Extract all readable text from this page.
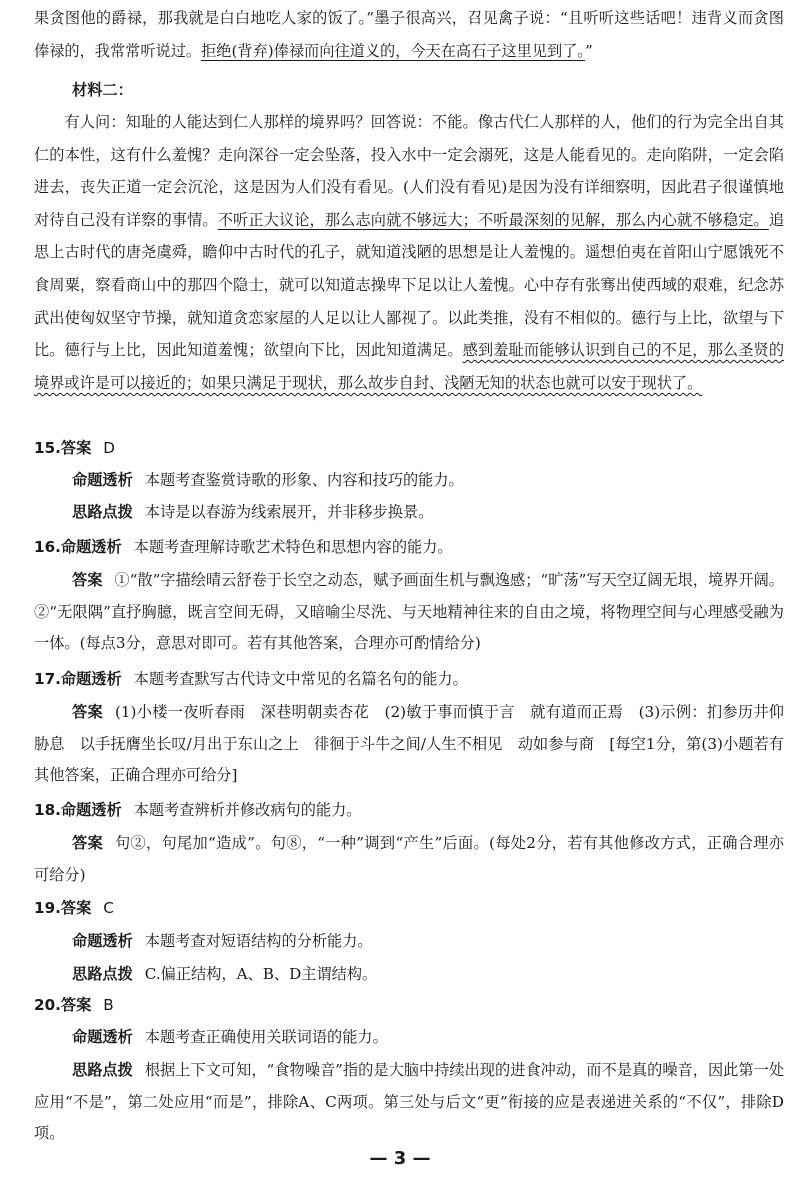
果贪图他的爵禄，那我就是白白地吃人家的饭了。”墨子很高兴，召见禽子说：“且听听这些话吧！违背义而贪图俸禄的，我常常听说过。拒绝(背弃)俸禄而向往道义的，今天在高石子这里见到了。”

材料二：

有人问：知耻的人能达到仁人那样的境界吗？回答说：不能。像古代仁人那样的人，他们的行为完全出自其仁的本性，这有什么羞愧？走向深谷一定会坠落，投入水中一定会溺死，这是人能看见的。走向陷阱，一定会陷进去，丧失正道一定会沉沦，这是因为人们没有看见。(人们没有看见)是因为没有详细察明，因此君子很谨慎地对待自己没有详察的事情。不听正大议论，那么志向就不够远大；不听最深刻的见解，那么内心就不够稳定。追思上古时代的唐尧虞舜，瞻仰中古时代的孔子，就知道浅陋的思想是让人羞愧的。遥想伯夷在首阳山宁愿饿死不食周粟，察看商山中的那四个隐士，就可以知道志操卑下足以让人羞愧。心中存有张骞出使西域的艰难，纪念苏武出使匈奴坚守节操，就知道贪恋家屋的人足以让人鄙视了。以此类推，没有不相似的。德行与上比，欲望与下比。德行与上比，因此知道羞愧；欲望向下比，因此知道满足。感到羞耻而能够认识到自己的不足，那么圣贤的境界或许是可以接近的；如果只满足于现状，那么故步自封、浅陋无知的状态也就可以安于现状了。

15.答案 D
命题透析 本题考查鉴赏诗歌的形象、内容和技巧的能力。
思路点拨 本诗是以春游为线索展开，并非移步换景。
16.命题透析 本题考查理解诗歌艺术特色和思想内容的能力。

答案 ①“散”字描绘晴云舒卷于长空之动态，赋予画面生机与飘逸感；“旷荡”写天空辽阔无垠，境界开阔。②“无限隅”直抒胸臆，既言空间无碍，又暗喻尘尽洗、与天地精神往来的自由之境，将物理空间与心理感受融为一体。(每点3分，意思对即可。若有其他答案，合理亦可酌情给分)

17.命题透析 本题考查默写古代诗文中常见的名篇名句的能力。

答案 (1)小楼一夜听春雨　深巷明朝卖杏花　(2)敏于事而慎于言　就有道而正焉　(3)示例：扪参历井仰胁息　以手抚膺坐长叹/月出于东山之上　徘徊于斗牛之间/人生不相见　动如参与商　[每空1分，第(3)小题若有其他答案，正确合理亦可给分]

18.命题透析 本题考查辨析并修改病句的能力。

答案 句②，句尾加“造成”。句⑧，“一种”调到“产生”后面。(每处2分，若有其他修改方式，正确合理亦可给分)

19.答案 C
命题透析 本题考查对短语结构的分析能力。
思路点拨 C.偏正结构，A、B、D主谓结构。
20.答案 B
命题透析 本题考查正确使用关联词语的能力。

思路点拨 根据上下文可知，“食物噪音”指的是大脑中持续出现的进食冲动，而不是真的噪音，因此第一处应用“不是”，第二处应用“而是”，排除A、C两项。第三处与后文“更”衔接的应是表递进关系的“不仅”，排除D项。

— 3 —
